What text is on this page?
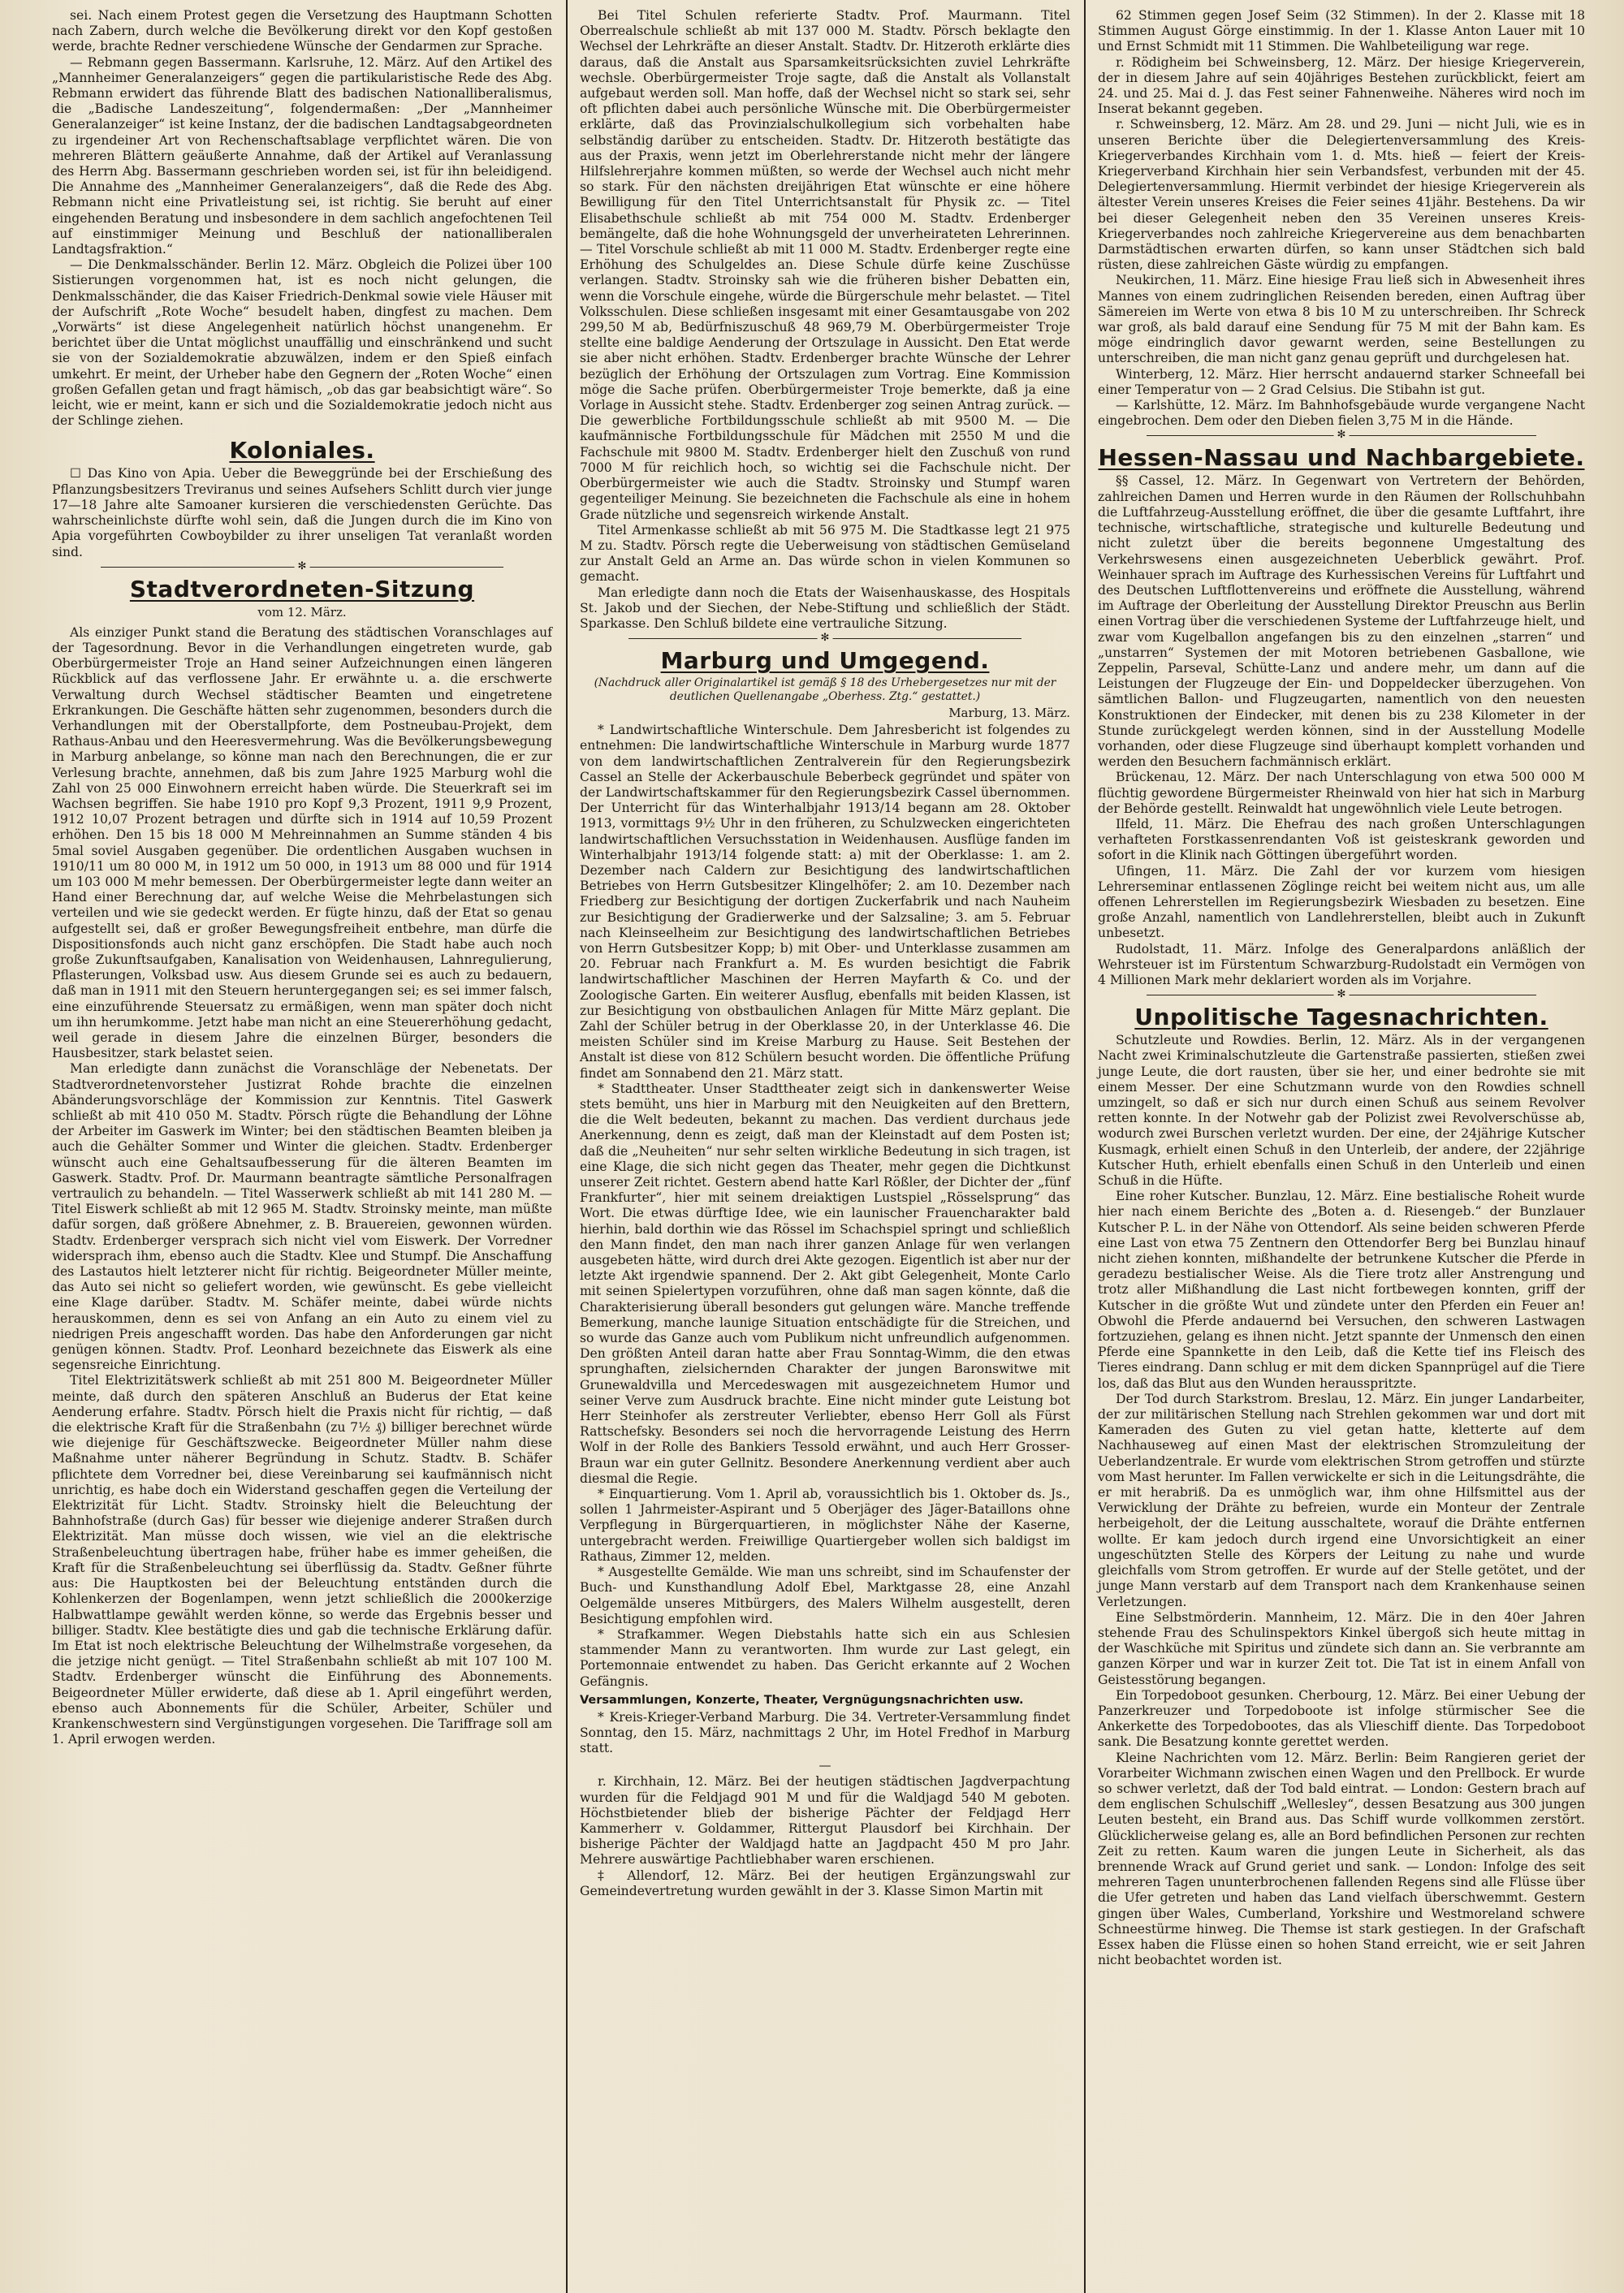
sei. Nach einem Protest gegen die Versetzung des Hauptmann Schotten nach Zabern, durch welche die Bevölkerung direkt vor den Kopf gestoßen werde, brachte Redner verschiedene Wünsche der Gendarmen zur Sprache.

— Rebmann gegen Bassermann. Karlsruhe, 12. März. Auf den Artikel des „Mannheimer Generalanzeigers“ gegen die partikularistische Rede des Abg. Rebmann erwidert das führende Blatt des badischen Nationalliberalismus, die „Badische Landeszeitung“, folgendermaßen: „Der „Mannheimer Generalanzeiger“ ist keine Instanz, der die badischen Landtagsabgeordneten zu irgendeiner Art von Rechenschaftsablage verpflichtet wären. Die von mehreren Blättern geäußerte Annahme, daß der Artikel auf Veranlassung des Herrn Abg. Bassermann geschrieben worden sei, ist für ihn beleidigend. Die Annahme des „Mannheimer Generalanzeigers“, daß die Rede des Abg. Rebmann nicht eine Privatleistung sei, ist richtig. Sie beruht auf einer eingehenden Beratung und insbesondere in dem sachlich angefochtenen Teil auf einstimmiger Meinung und Beschluß der nationalliberalen Landtagsfraktion.“

— Die Denkmalsschänder. Berlin 12. März. Obgleich die Polizei über 100 Sistierungen vorgenommen hat, ist es noch nicht gelungen, die Denkmalsschänder, die das Kaiser Friedrich-Denkmal sowie viele Häuser mit der Aufschrift „Rote Woche“ besudelt haben, dingfest zu machen. Dem „Vorwärts“ ist diese Angelegenheit natürlich höchst unangenehm. Er berichtet über die Untat möglichst unauffällig und einschränkend und sucht sie von der Sozialdemokratie abzuwälzen, indem er den Spieß einfach umkehrt. Er meint, der Urheber habe den Gegnern der „Roten Woche“ einen großen Gefallen getan und fragt hämisch, „ob das gar beabsichtigt wäre“. So leicht, wie er meint, kann er sich und die Sozialdemokratie jedoch nicht aus der Schlinge ziehen.

Koloniales.

☐ Das Kino von Apia. Ueber die Beweggründe bei der Erschießung des Pflanzungsbesitzers Treviranus und seines Aufsehers Schlitt durch vier junge 17—18 Jahre alte Samoaner kursieren die verschiedensten Gerüchte. Das wahrscheinlichste dürfte wohl sein, daß die Jungen durch die im Kino von Apia vorgeführten Cowboybilder zu ihrer unseligen Tat veranlaßt worden sind.

✻
Stadtverordneten-Sitzung
vom 12. März.

Als einziger Punkt stand die Beratung des städtischen Voranschlages auf der Tagesordnung. Bevor in die Verhandlungen eingetreten wurde, gab Oberbürgermeister Troje an Hand seiner Aufzeichnungen einen längeren Rückblick auf das verflossene Jahr. Er erwähnte u. a. die erschwerte Verwaltung durch Wechsel städtischer Beamten und eingetretene Erkrankungen. Die Geschäfte hätten sehr zugenommen, besonders durch die Verhandlungen mit der Oberstallpforte, dem Postneubau-Projekt, dem Rathaus-Anbau und den Heeresvermehrung. Was die Bevölkerungsbewegung in Marburg anbelange, so könne man nach den Berechnungen, die er zur Verlesung brachte, annehmen, daß bis zum Jahre 1925 Marburg wohl die Zahl von 25 000 Einwohnern erreicht haben würde. Die Steuerkraft sei im Wachsen begriffen. Sie habe 1910 pro Kopf 9,3 Prozent, 1911 9,9 Prozent, 1912 10,07 Prozent betragen und dürfte sich in 1914 auf 10,59 Prozent erhöhen. Den 15 bis 18 000 M Mehreinnahmen an Summe ständen 4 bis 5mal soviel Ausgaben gegenüber. Die ordentlichen Ausgaben wuchsen in 1910/11 um 80 000 M, in 1912 um 50 000, in 1913 um 88 000 und für 1914 um 103 000 M mehr bemessen. Der Oberbürgermeister legte dann weiter an Hand einer Berechnung dar, auf welche Weise die Mehrbelastungen sich verteilen und wie sie gedeckt werden. Er fügte hinzu, daß der Etat so genau aufgestellt sei, daß er großer Bewegungsfreiheit entbehre, man dürfe die Dispositionsfonds auch nicht ganz erschöpfen. Die Stadt habe auch noch große Zukunftsaufgaben, Kanalisation von Weidenhausen, Lahnregulierung, Pflasterungen, Volksbad usw. Aus diesem Grunde sei es auch zu bedauern, daß man in 1911 mit den Steuern heruntergegangen sei; es sei immer falsch, eine einzuführende Steuersatz zu ermäßigen, wenn man später doch nicht um ihn herumkomme. Jetzt habe man nicht an eine Steuererhöhung gedacht, weil gerade in diesem Jahre die einzelnen Bürger, besonders die Hausbesitzer, stark belastet seien.

Man erledigte dann zunächst die Voranschläge der Nebenetats. Der Stadtverordnetenvorsteher Justizrat Rohde brachte die einzelnen Abänderungsvorschläge der Kommission zur Kenntnis. Titel Gaswerk schließt ab mit 410 050 M. Stadtv. Pörsch rügte die Behandlung der Löhne der Arbeiter im Gaswerk im Winter; bei den städtischen Beamten bleiben ja auch die Gehälter Sommer und Winter die gleichen. Stadtv. Erdenberger wünscht auch eine Gehaltsaufbesserung für die älteren Beamten im Gaswerk. Stadtv. Prof. Dr. Maurmann beantragte sämtliche Personalfragen vertraulich zu behandeln. — Titel Wasserwerk schließt ab mit 141 280 M. — Titel Eiswerk schließt ab mit 12 965 M. Stadtv. Stroinsky meinte, man müßte dafür sorgen, daß größere Abnehmer, z. B. Brauereien, gewonnen würden. Stadtv. Erdenberger versprach sich nicht viel vom Eiswerk. Der Vorredner widersprach ihm, ebenso auch die Stadtv. Klee und Stumpf. Die Anschaffung des Lastautos hielt letzterer nicht für richtig. Beigeordneter Müller meinte, das Auto sei nicht so geliefert worden, wie gewünscht. Es gebe vielleicht eine Klage darüber. Stadtv. M. Schäfer meinte, dabei würde nichts herauskommen, denn es sei von Anfang an ein Auto zu einem viel zu niedrigen Preis angeschafft worden. Das habe den Anforderungen gar nicht genügen können. Stadtv. Prof. Leonhard bezeichnete das Eiswerk als eine segensreiche Einrichtung.

Titel Elektrizitätswerk schließt ab mit 251 800 M. Beigeordneter Müller meinte, daß durch den späteren Anschluß an Buderus der Etat keine Aenderung erfahre. Stadtv. Pörsch hielt die Praxis nicht für richtig, — daß die elektrische Kraft für die Straßenbahn (zu 7½ ₰) billiger berechnet würde wie diejenige für Geschäftszwecke. Beigeordneter Müller nahm diese Maßnahme unter näherer Begründung in Schutz. Stadtv. B. Schäfer pflichtete dem Vorredner bei, diese Vereinbarung sei kaufmännisch nicht unrichtig, es habe doch ein Widerstand geschaffen gegen die Verteilung der Elektrizität für Licht. Stadtv. Stroinsky hielt die Beleuchtung der Bahnhofstraße (durch Gas) für besser wie diejenige anderer Straßen durch Elektrizität. Man müsse doch wissen, wie viel an die elektrische Straßenbeleuchtung übertragen habe, früher habe es immer geheißen, die Kraft für die Straßenbeleuchtung sei überflüssig da. Stadtv. Geßner führte aus: Die Hauptkosten bei der Beleuchtung entständen durch die Kohlenkerzen der Bogenlampen, wenn jetzt schließlich die 2000kerzige Halbwattlampe gewählt werden könne, so werde das Ergebnis besser und billiger. Stadtv. Klee bestätigte dies und gab die technische Erklärung dafür. Im Etat ist noch elektrische Beleuchtung der Wilhelmstraße vorgesehen, da die jetzige nicht genügt. — Titel Straßenbahn schließt ab mit 107 100 M. Stadtv. Erdenberger wünscht die Einführung des Abonnements. Beigeordneter Müller erwiderte, daß diese ab 1. April eingeführt werden, ebenso auch Abonnements für die Schüler, Arbeiter, Schüler und Krankenschwestern sind Vergünstigungen vorgesehen. Die Tariffrage soll am 1. April erwogen werden.

Bei Titel Schulen referierte Stadtv. Prof. Maurmann. Titel Oberrealschule schließt ab mit 137 000 M. Stadtv. Pörsch beklagte den Wechsel der Lehrkräfte an dieser Anstalt. Stadtv. Dr. Hitzeroth erklärte dies daraus, daß die Anstalt aus Sparsamkeitsrücksichten zuviel Lehrkräfte wechsle. Oberbürgermeister Troje sagte, daß die Anstalt als Vollanstalt aufgebaut werden soll. Man hoffe, daß der Wechsel nicht so stark sei, sehr oft pflichten dabei auch persönliche Wünsche mit. Die Oberbürgermeister erklärte, daß das Provinzialschulkollegium sich vorbehalten habe selbständig darüber zu entscheiden. Stadtv. Dr. Hitzeroth bestätigte das aus der Praxis, wenn jetzt im Oberlehrerstande nicht mehr der längere Hilfslehrerjahre kommen müßten, so werde der Wechsel auch nicht mehr so stark. Für den nächsten dreijährigen Etat wünschte er eine höhere Bewilligung für den Titel Unterrichtsanstalt für Physik zc. — Titel Elisabethschule schließt ab mit 754 000 M. Stadtv. Erdenberger bemängelte, daß die hohe Wohnungsgeld der unverheirateten Lehrerinnen. — Titel Vorschule schließt ab mit 11 000 M. Stadtv. Erdenberger regte eine Erhöhung des Schulgeldes an. Diese Schule dürfe keine Zuschüsse verlangen. Stadtv. Stroinsky sah wie die früheren bisher Debatten ein, wenn die Vorschule eingehe, würde die Bürgerschule mehr belastet. — Titel Volksschulen. Diese schließen insgesamt mit einer Gesamtausgabe von 202 299,50 M ab, Bedürfniszuschuß 48 969,79 M. Oberbürgermeister Troje stellte eine baldige Aenderung der Ortszulage in Aussicht. Den Etat werde sie aber nicht erhöhen. Stadtv. Erdenberger brachte Wünsche der Lehrer bezüglich der Erhöhung der Ortszulagen zum Vortrag. Eine Kommission möge die Sache prüfen. Oberbürgermeister Troje bemerkte, daß ja eine Vorlage in Aussicht stehe. Stadtv. Erdenberger zog seinen Antrag zurück. — Die gewerbliche Fortbildungsschule schließt ab mit 9500 M. — Die kaufmännische Fortbildungsschule für Mädchen mit 2550 M und die Fachschule mit 9800 M. Stadtv. Erdenberger hielt den Zuschuß von rund 7000 M für reichlich hoch, so wichtig sei die Fachschule nicht. Der Oberbürgermeister wie auch die Stadtv. Stroinsky und Stumpf waren gegenteiliger Meinung. Sie bezeichneten die Fachschule als eine in hohem Grade nützliche und segensreich wirkende Anstalt.

Titel Armenkasse schließt ab mit 56 975 M. Die Stadtkasse legt 21 975 M zu. Stadtv. Pörsch regte die Ueberweisung von städtischen Gemüseland zur Anstalt Geld an Arme an. Das würde schon in vielen Kommunen so gemacht.

Man erledigte dann noch die Etats der Waisenhauskasse, des Hospitals St. Jakob und der Siechen, der Nebe-Stiftung und schließlich der Städt. Sparkasse. Den Schluß bildete eine vertrauliche Sitzung.

✻
Marburg und Umgegend.
(Nachdruck aller Originalartikel ist gemäß § 18 des Urhebergesetzes nur mit der deutlichen Quellenangabe „Oberhess. Ztg.“ gestattet.)
Marburg, 13. März.

* Landwirtschaftliche Winterschule. Dem Jahresbericht ist folgendes zu entnehmen: Die landwirtschaftliche Winterschule in Marburg wurde 1877 von dem landwirtschaftlichen Zentralverein für den Regierungsbezirk Cassel an Stelle der Ackerbauschule Beberbeck gegründet und später von der Landwirtschaftskammer für den Regierungsbezirk Cassel übernommen. Der Unterricht für das Winterhalbjahr 1913/14 begann am 28. Oktober 1913, vormittags 9½ Uhr in den früheren, zu Schulzwecken eingerichteten landwirtschaftlichen Versuchsstation in Weidenhausen. Ausflüge fanden im Winterhalbjahr 1913/14 folgende statt: a) mit der Oberklasse: 1. am 2. Dezember nach Caldern zur Besichtigung des landwirtschaftlichen Betriebes von Herrn Gutsbesitzer Klingelhöfer; 2. am 10. Dezember nach Friedberg zur Besichtigung der dortigen Zuckerfabrik und nach Nauheim zur Besichtigung der Gradierwerke und der Salzsaline; 3. am 5. Februar nach Kleinseelheim zur Besichtigung des landwirtschaftlichen Betriebes von Herrn Gutsbesitzer Kopp; b) mit Ober- und Unterklasse zusammen am 20. Februar nach Frankfurt a. M. Es wurden besichtigt die Fabrik landwirtschaftlicher Maschinen der Herren Mayfarth & Co. und der Zoologische Garten. Ein weiterer Ausflug, ebenfalls mit beiden Klassen, ist zur Besichtigung von obstbaulichen Anlagen für Mitte März geplant. Die Zahl der Schüler betrug in der Oberklasse 20, in der Unterklasse 46. Die meisten Schüler sind im Kreise Marburg zu Hause. Seit Bestehen der Anstalt ist diese von 812 Schülern besucht worden. Die öffentliche Prüfung findet am Sonnabend den 21. März statt.

* Stadttheater. Unser Stadttheater zeigt sich in dankenswerter Weise stets bemüht, uns hier in Marburg mit den Neuigkeiten auf den Brettern, die die Welt bedeuten, bekannt zu machen. Das verdient durchaus jede Anerkennung, denn es zeigt, daß man der Kleinstadt auf dem Posten ist; daß die „Neuheiten“ nur sehr selten wirkliche Bedeutung in sich tragen, ist eine Klage, die sich nicht gegen das Theater, mehr gegen die Dichtkunst unserer Zeit richtet. Gestern abend hatte Karl Rößler, der Dichter der „fünf Frankfurter“, hier mit seinem dreiaktigen Lustspiel „Rösselsprung“ das Wort. Die etwas dürftige Idee, wie ein launischer Frauencharakter bald hierhin, bald dorthin wie das Rössel im Schachspiel springt und schließlich den Mann findet, den man nach ihrer ganzen Anlage für wen verlangen ausgebeten hätte, wird durch drei Akte gezogen. Eigentlich ist aber nur der letzte Akt irgendwie spannend. Der 2. Akt gibt Gelegenheit, Monte Carlo mit seinen Spielertypen vorzuführen, ohne daß man sagen könnte, daß die Charakterisierung überall besonders gut gelungen wäre. Manche treffende Bemerkung, manche launige Situation entschädigte für die Streichen, und so wurde das Ganze auch vom Publikum nicht unfreundlich aufgenommen. Den größten Anteil daran hatte aber Frau Sonntag-Wimm, die den etwas sprunghaften, zielsichernden Charakter der jungen Baronswitwe mit Grunewaldvilla und Mercedeswagen mit ausgezeichnetem Humor und seiner Verve zum Ausdruck brachte. Eine nicht minder gute Leistung bot Herr Steinhofer als zerstreuter Verliebter, ebenso Herr Goll als Fürst Rattschefsky. Besonders sei noch die hervorragende Leistung des Herrn Wolf in der Rolle des Bankiers Tessold erwähnt, und auch Herr Grosser-Braun war ein guter Gellnitz. Besondere Anerkennung verdient aber auch diesmal die Regie.

* Einquartierung. Vom 1. April ab, voraussichtlich bis 1. Oktober ds. Js., sollen 1 Jahrmeister-Aspirant und 5 Oberjäger des Jäger-Bataillons ohne Verpflegung in Bürgerquartieren, in möglichster Nähe der Kaserne, untergebracht werden. Freiwillige Quartiergeber wollen sich baldigst im Rathaus, Zimmer 12, melden.

* Ausgestellte Gemälde. Wie man uns schreibt, sind im Schaufenster der Buch- und Kunsthandlung Adolf Ebel, Marktgasse 28, eine Anzahl Oelgemälde unseres Mitbürgers, des Malers Wilhelm ausgestellt, deren Besichtigung empfohlen wird.

* Strafkammer. Wegen Diebstahls hatte sich ein aus Schlesien stammender Mann zu verantworten. Ihm wurde zur Last gelegt, ein Portemonnaie entwendet zu haben. Das Gericht erkannte auf 2 Wochen Gefängnis.

Versammlungen, Konzerte, Theater, Vergnügungsnachrichten usw.

* Kreis-Krieger-Verband Marburg. Die 34. Vertreter-Versammlung findet Sonntag, den 15. März, nachmittags 2 Uhr, im Hotel Fredhof in Marburg statt.

—

r. Kirchhain, 12. März. Bei der heutigen städtischen Jagdverpachtung wurden für die Feldjagd 901 M und für die Waldjagd 540 M geboten. Höchstbietender blieb der bisherige Pächter der Feldjagd Herr Kammerherr v. Goldammer, Rittergut Plausdorf bei Kirchhain. Der bisherige Pächter der Waldjagd hatte an Jagdpacht 450 M pro Jahr. Mehrere auswärtige Pachtliebhaber waren erschienen.

‡ Allendorf, 12. März. Bei der heutigen Ergänzungswahl zur Gemeindevertretung wurden gewählt in der 3. Klasse Simon Martin mit

62 Stimmen gegen Josef Seim (32 Stimmen). In der 2. Klasse mit 18 Stimmen August Görge einstimmig. In der 1. Klasse Anton Lauer mit 10 und Ernst Schmidt mit 11 Stimmen. Die Wahlbeteiligung war rege.

r. Rödigheim bei Schweinsberg, 12. März. Der hiesige Kriegerverein, der in diesem Jahre auf sein 40jähriges Bestehen zurückblickt, feiert am 24. und 25. Mai d. J. das Fest seiner Fahnenweihe. Näheres wird noch im Inserat bekannt gegeben.

r. Schweinsberg, 12. März. Am 28. und 29. Juni — nicht Juli, wie es in unseren Berichte über die Delegiertenversammlung des Kreis-Kriegerverbandes Kirchhain vom 1. d. Mts. hieß — feiert der Kreis-Kriegerverband Kirchhain hier sein Verbandsfest, verbunden mit der 45. Delegiertenversammlung. Hiermit verbindet der hiesige Kriegerverein als ältester Verein unseres Kreises die Feier seines 41jähr. Bestehens. Da wir bei dieser Gelegenheit neben den 35 Vereinen unseres Kreis-Kriegerverbandes noch zahlreiche Kriegervereine aus dem benachbarten Darmstädtischen erwarten dürfen, so kann unser Städtchen sich bald rüsten, diese zahlreichen Gäste würdig zu empfangen.

Neukirchen, 11. März. Eine hiesige Frau ließ sich in Abwesenheit ihres Mannes von einem zudringlichen Reisenden bereden, einen Auftrag über Sämereien im Werte von etwa 8 bis 10 M zu unterschreiben. Ihr Schreck war groß, als bald darauf eine Sendung für 75 M mit der Bahn kam. Es möge eindringlich davor gewarnt werden, seine Bestellungen zu unterschreiben, die man nicht ganz genau geprüft und durchgelesen hat.

Winterberg, 12. März. Hier herrscht andauernd starker Schneefall bei einer Temperatur von — 2 Grad Celsius. Die Stibahn ist gut.

— Karlshütte, 12. März. Im Bahnhofsgebäude wurde vergangene Nacht eingebrochen. Dem oder den Dieben fielen 3,75 M in die Hände.

✻
Hessen-Nassau und Nachbargebiete.

§§ Cassel, 12. März. In Gegenwart von Vertretern der Behörden, zahlreichen Damen und Herren wurde in den Räumen der Rollschuhbahn die Luftfahrzeug-Ausstellung eröffnet, die über die gesamte Luftfahrt, ihre technische, wirtschaftliche, strategische und kulturelle Bedeutung und nicht zuletzt über die bereits begonnene Umgestaltung des Verkehrswesens einen ausgezeichneten Ueberblick gewährt. Prof. Weinhauer sprach im Auftrage des Kurhessischen Vereins für Luftfahrt und des Deutschen Luftflottenvereins und eröffnete die Ausstellung, während im Auftrage der Oberleitung der Ausstellung Direktor Preuschn aus Berlin einen Vortrag über die verschiedenen Systeme der Luftfahrzeuge hielt, und zwar vom Kugelballon angefangen bis zu den einzelnen „starren“ und „unstarren“ Systemen der mit Motoren betriebenen Gasballone, wie Zeppelin, Parseval, Schütte-Lanz und andere mehr, um dann auf die Leistungen der Flugzeuge der Ein- und Doppeldecker überzugehen. Von sämtlichen Ballon- und Flugzeugarten, namentlich von den neuesten Konstruktionen der Eindecker, mit denen bis zu 238 Kilometer in der Stunde zurückgelegt werden können, sind in der Ausstellung Modelle vorhanden, oder diese Flugzeuge sind überhaupt komplett vorhanden und werden den Besuchern fachmännisch erklärt.

Brückenau, 12. März. Der nach Unterschlagung von etwa 500 000 M flüchtig gewordene Bürgermeister Rheinwald von hier hat sich in Marburg der Behörde gestellt. Reinwaldt hat ungewöhnlich viele Leute betrogen.

Ilfeld, 11. März. Die Ehefrau des nach großen Unterschlagungen verhafteten Forstkassenrendanten Voß ist geisteskrank geworden und sofort in die Klinik nach Göttingen übergeführt worden.

Ufingen, 11. März. Die Zahl der vor kurzem vom hiesigen Lehrerseminar entlassenen Zöglinge reicht bei weitem nicht aus, um alle offenen Lehrerstellen im Regierungsbezirk Wiesbaden zu besetzen. Eine große Anzahl, namentlich von Landlehrerstellen, bleibt auch in Zukunft unbesetzt.

Rudolstadt, 11. März. Infolge des Generalpardons anläßlich der Wehrsteuer ist im Fürstentum Schwarzburg-Rudolstadt ein Vermögen von 4 Millionen Mark mehr deklariert worden als im Vorjahre.

✻
Unpolitische Tagesnachrichten.

Schutzleute und Rowdies. Berlin, 12. März. Als in der vergangenen Nacht zwei Kriminalschutzleute die Gartenstraße passierten, stießen zwei junge Leute, die dort rausten, über sie her, und einer bedrohte sie mit einem Messer. Der eine Schutzmann wurde von den Rowdies schnell umzingelt, so daß er sich nur durch einen Schuß aus seinem Revolver retten konnte. In der Notwehr gab der Polizist zwei Revolverschüsse ab, wodurch zwei Burschen verletzt wurden. Der eine, der 24jährige Kutscher Kusmagk, erhielt einen Schuß in den Unterleib, der andere, der 22jährige Kutscher Huth, erhielt ebenfalls einen Schuß in den Unterleib und einen Schuß in die Hüfte.

Eine roher Kutscher. Bunzlau, 12. März. Eine bestialische Roheit wurde hier nach einem Berichte des „Boten a. d. Riesengeb.“ der Bunzlauer Kutscher P. L. in der Nähe von Ottendorf. Als seine beiden schweren Pferde eine Last von etwa 75 Zentnern den Ottendorfer Berg bei Bunzlau hinauf nicht ziehen konnten, mißhandelte der betrunkene Kutscher die Pferde in geradezu bestialischer Weise. Als die Tiere trotz aller Anstrengung und trotz aller Mißhandlung die Last nicht fortbewegen konnten, griff der Kutscher in die größte Wut und zündete unter den Pferden ein Feuer an! Obwohl die Pferde andauernd bei Versuchen, den schweren Lastwagen fortzuziehen, gelang es ihnen nicht. Jetzt spannte der Unmensch den einen Pferde eine Spannkette in den Leib, daß die Kette tief ins Fleisch des Tieres eindrang. Dann schlug er mit dem dicken Spannprügel auf die Tiere los, daß das Blut aus den Wunden herausspritzte.

Der Tod durch Starkstrom. Breslau, 12. März. Ein junger Landarbeiter, der zur militärischen Stellung nach Strehlen gekommen war und dort mit Kameraden des Guten zu viel getan hatte, kletterte auf dem Nachhauseweg auf einen Mast der elektrischen Stromzuleitung der Ueberlandzentrale. Er wurde vom elektrischen Strom getroffen und stürzte vom Mast herunter. Im Fallen verwickelte er sich in die Leitungsdrähte, die er mit herabriß. Da es unmöglich war, ihm ohne Hilfsmittel aus der Verwicklung der Drähte zu befreien, wurde ein Monteur der Zentrale herbeigeholt, der die Leitung ausschaltete, worauf die Drähte entfernen wollte. Er kam jedoch durch irgend eine Unvorsichtigkeit an einer ungeschützten Stelle des Körpers der Leitung zu nahe und wurde gleichfalls vom Strom getroffen. Er wurde auf der Stelle getötet, und der junge Mann verstarb auf dem Transport nach dem Krankenhause seinen Verletzungen.

Eine Selbstmörderin. Mannheim, 12. März. Die in den 40er Jahren stehende Frau des Schulinspektors Kinkel übergoß sich heute mittag in der Waschküche mit Spiritus und zündete sich dann an. Sie verbrannte am ganzen Körper und war in kurzer Zeit tot. Die Tat ist in einem Anfall von Geistesstörung begangen.

Ein Torpedoboot gesunken. Cherbourg, 12. März. Bei einer Uebung der Panzerkreuzer und Torpedoboote ist infolge stürmischer See die Ankerkette des Torpedobootes, das als Vlieschiff diente. Das Torpedoboot sank. Die Besatzung konnte gerettet werden.

Kleine Nachrichten vom 12. März. Berlin: Beim Rangieren geriet der Vorarbeiter Wichmann zwischen einen Wagen und den Prellbock. Er wurde so schwer verletzt, daß der Tod bald eintrat. — London: Gestern brach auf dem englischen Schulschiff „Wellesley“, dessen Besatzung aus 300 jungen Leuten besteht, ein Brand aus. Das Schiff wurde vollkommen zerstört. Glücklicherweise gelang es, alle an Bord befindlichen Personen zur rechten Zeit zu retten. Kaum waren die jungen Leute in Sicherheit, als das brennende Wrack auf Grund geriet und sank. — London: Infolge des seit mehreren Tagen ununterbrochenen fallenden Regens sind alle Flüsse über die Ufer getreten und haben das Land vielfach überschwemmt. Gestern gingen über Wales, Cumberland, Yorkshire und Westmoreland schwere Schneestürme hinweg. Die Themse ist stark gestiegen. In der Grafschaft Essex haben die Flüsse einen so hohen Stand erreicht, wie er seit Jahren nicht beobachtet worden ist.
